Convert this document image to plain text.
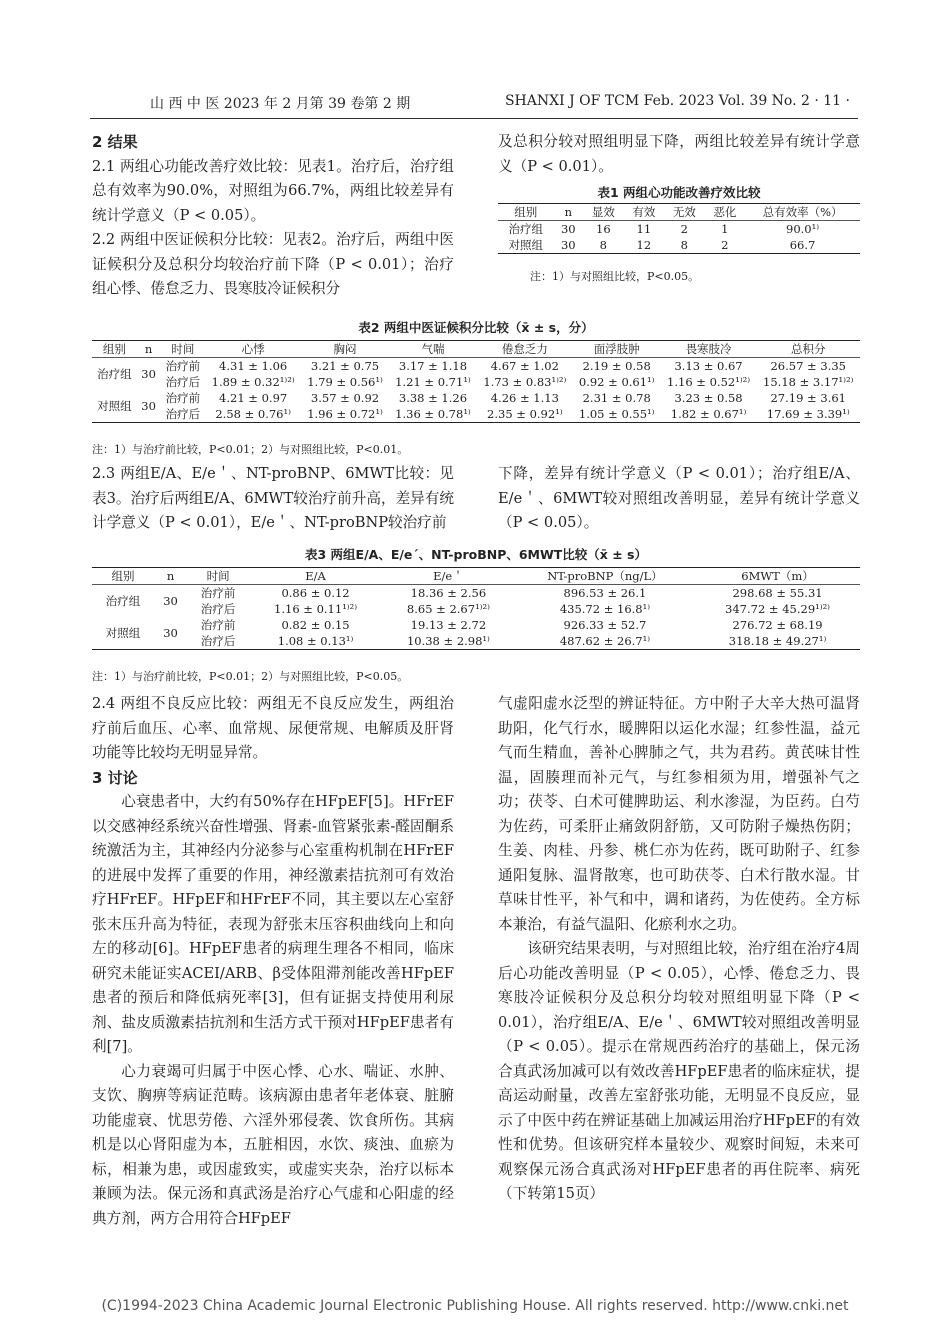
山 西 中 医 2023 年 2 月第 39 卷第 2 期	SHANXI J OF TCM Feb. 2023 Vol. 39 No. 2 · 11 ·
2 结果

2.1 两组心功能改善疗效比较：见表1。治疗后，治疗组总有效率为90.0%，对照组为66.7%，两组比较差异有统计学意义（P < 0.05）。

2.2 两组中医证候积分比较：见表2。治疗后，两组中医证候积分及总积分均较治疗前下降（P < 0.01）；治疗组心悸、倦怠乏力、畏寒肢冷证候积分

及总积分较对照组明显下降，两组比较差异有统计学意义（P < 0.01）。

表1 两组心功能改善疗效比较
组别	n	显效	有效	无效	恶化	总有效率（%）
治疗组	30	16	11	2	1	90.0¹⁾
对照组	30	8	12	8	2	66.7
注：1）与对照组比较，P<0.05。
表2 两组中医证候积分比较（x̄ ± s，分）
组别	n	时间	心悸	胸闷	气喘	倦怠乏力	面浮肢肿	畏寒肢冷	总积分
治疗组	30	治疗前	4.31 ± 1.06	3.21 ± 0.75	3.17 ± 1.18	4.67 ± 1.02	2.19 ± 0.58	3.13 ± 0.67	26.57 ± 3.35
		治疗后	1.89 ± 0.32¹⁾²⁾	1.79 ± 0.56¹⁾	1.21 ± 0.71¹⁾	1.73 ± 0.83¹⁾²⁾	0.92 ± 0.61¹⁾	1.16 ± 0.52¹⁾²⁾	15.18 ± 3.17¹⁾²⁾
对照组	30	治疗前	4.21 ± 0.97	3.57 ± 0.92	3.38 ± 1.26	4.26 ± 1.13	2.31 ± 0.78	3.23 ± 0.58	27.19 ± 3.61
		治疗后	2.58 ± 0.76¹⁾	1.96 ± 0.72¹⁾	1.36 ± 0.78¹⁾	2.35 ± 0.92¹⁾	1.05 ± 0.55¹⁾	1.82 ± 0.67¹⁾	17.69 ± 3.39¹⁾
注：1）与治疗前比较，P<0.01；2）与对照组比较，P<0.01。

2.3 两组E/A、E/e＇、NT-proBNP、6MWT比较：见表3。治疗后两组E/A、6MWT较治疗前升高，差异有统计学意义（P < 0.01），E/e＇、NT-proBNP较治疗前

下降，差异有统计学意义（P < 0.01）；治疗组E/A、E/e＇、6MWT较对照组改善明显，差异有统计学意义（P < 0.05）。

表3 两组E/A、E/e´、NT-proBNP、6MWT比较（x̄ ± s）
组别	n	时间	E/A	E/e＇	NT-proBNP（ng/L）	6MWT（m）
治疗组	30	治疗前	0.86 ± 0.12	18.36 ± 2.56	896.53 ± 26.1	298.68 ± 55.31
		治疗后	1.16 ± 0.11¹⁾²⁾	8.65 ± 2.67¹⁾²⁾	435.72 ± 16.8¹⁾	347.72 ± 45.29¹⁾²⁾
对照组	30	治疗前	0.82 ± 0.15	19.13 ± 2.72	926.33 ± 52.7	276.72 ± 68.19
		治疗后	1.08 ± 0.13¹⁾	10.38 ± 2.98¹⁾	487.62 ± 26.7¹⁾	318.18 ± 49.27¹⁾
注：1）与治疗前比较，P<0.01；2）与对照组比较，P<0.05。

2.4 两组不良反应比较：两组无不良反应发生，两组治疗前后血压、心率、血常规、尿便常规、电解质及肝肾功能等比较均无明显异常。

3 讨论

心衰患者中，大约有50%存在HFpEF[5]。HFrEF以交感神经系统兴奋性增强、肾素-血管紧张素-醛固酮系统激活为主，其神经内分泌参与心室重构机制在HFrEF的进展中发挥了重要的作用，神经激素拮抗剂可有效治疗HFrEF。HFpEF和HFrEF不同，其主要以左心室舒张末压升高为特征，表现为舒张末压容积曲线向上和向左的移动[6]。HFpEF患者的病理生理各不相同，临床研究未能证实ACEI/ARB、β受体阻滞剂能改善HFpEF患者的预后和降低病死率[3]，但有证据支持使用利尿剂、盐皮质激素拮抗剂和生活方式干预对HFpEF患者有利[7]。

心力衰竭可归属于中医心悸、心水、喘证、水肿、支饮、胸痹等病证范畴。该病源由患者年老体衰、脏腑功能虚衰、忧思劳倦、六淫外邪侵袭、饮食所伤。其病机是以心肾阳虚为本，五脏相因，水饮、痰浊、血瘀为标，相兼为患，或因虚致实，或虚实夹杂，治疗以标本兼顾为法。保元汤和真武汤是治疗心气虚和心阳虚的经典方剂，两方合用符合HFpEF

气虚阳虚水泛型的辨证特征。方中附子大辛大热可温肾助阳，化气行水，暖脾阳以运化水湿；红参性温，益元气而生精血，善补心脾肺之气，共为君药。黄芪味甘性温，固腠理而补元气，与红参相须为用，增强补气之功；茯苓、白术可健脾助运、利水渗湿，为臣药。白芍为佐药，可柔肝止痛敛阴舒筋，又可防附子燥热伤阴；生姜、肉桂、丹参、桃仁亦为佐药，既可助附子、红参通阳复脉、温肾散寒，也可助茯苓、白术行散水湿。甘草味甘性平，补气和中，调和诸药，为佐使药。全方标本兼治，有益气温阳、化瘀利水之功。

该研究结果表明，与对照组比较，治疗组在治疗4周后心功能改善明显（P < 0.05），心悸、倦怠乏力、畏寒肢冷证候积分及总积分均较对照组明显下降（P < 0.01），治疗组E/A、E/e＇、6MWT较对照组改善明显（P < 0.05）。提示在常规西药治疗的基础上，保元汤合真武汤加减可以有效改善HFpEF患者的临床症状，提高运动耐量，改善左室舒张功能，无明显不良反应，显示了中医中药在辨证基础上加减运用治疗HFpEF的有效性和优势。但该研究样本量较少、观察时间短，未来可观察保元汤合真武汤对HFpEF患者的再住院率、病死 （下转第15页）

(C)1994-2023 China Academic Journal Electronic Publishing House. All rights reserved. http://www.cnki.net
